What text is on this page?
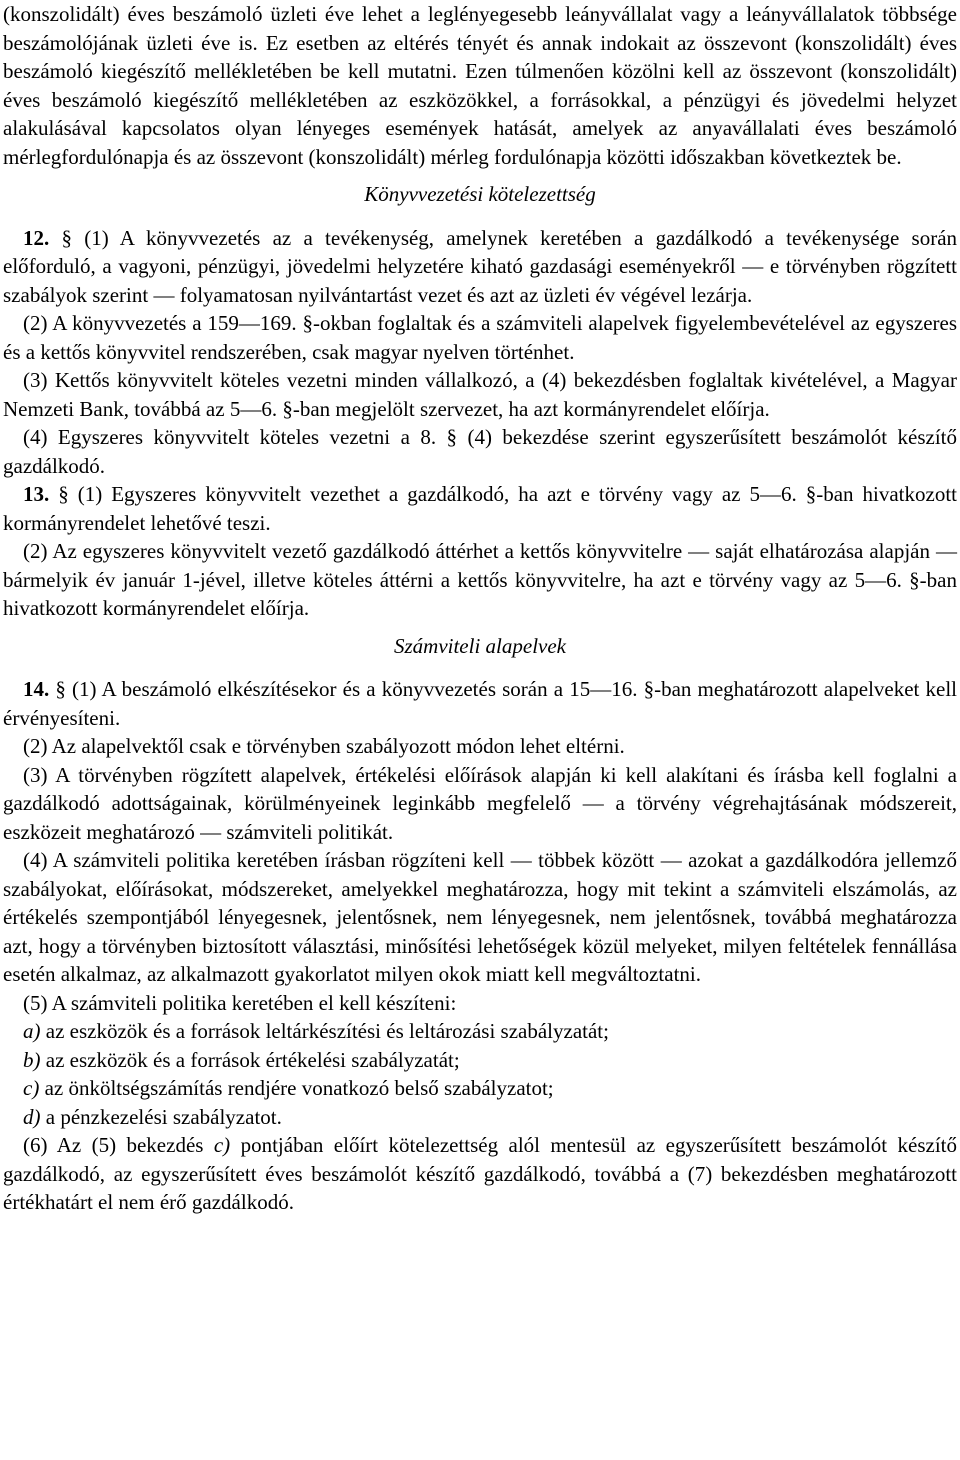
(konszolidált) éves beszámoló üzleti éve lehet a leglényegesebb leányvállalat vagy a leányvállalatok többsége beszámolójának üzleti éve is. Ez esetben az eltérés tényét és annak indokait az összevont (konszolidált) éves beszámoló kiegészítő mellékletében be kell mutatni. Ezen túlmenően közölni kell az összevont (konszolidált) éves beszámoló kiegészítő mellékletében az eszközökkel, a forrásokkal, a pénzügyi és jövedelmi helyzet alakulásával kapcsolatos olyan lényeges események hatását, amelyek az anyavállalati éves beszámoló mérlegfordulónapja és az összevont (konszolidált) mérleg fordulónapja közötti időszakban következtek be.

Könyvvezetési kötelezettség

12. § (1) A könyvvezetés az a tevékenység, amelynek keretében a gazdálkodó a tevékenysége során előforduló, a vagyoni, pénzügyi, jövedelmi helyzetére kiható gazdasági eseményekről — e törvényben rögzített szabályok szerint — folyamatosan nyilvántartást vezet és azt az üzleti év végével lezárja.

(2) A könyvvezetés a 159—169. §-okban foglaltak és a számviteli alapelvek figyelembevételével az egyszeres és a kettős könyvvitel rendszerében, csak magyar nyelven történhet.

(3) Kettős könyvvitelt köteles vezetni minden vállalkozó, a (4) bekezdésben foglaltak kivételével, a Magyar Nemzeti Bank, továbbá az 5—6. §-ban megjelölt szervezet, ha azt kormányrendelet előírja.

(4) Egyszeres könyvvitelt köteles vezetni a 8. § (4) bekezdése szerint egyszerűsített beszámolót készítő gazdálkodó.

13. § (1) Egyszeres könyvvitelt vezethet a gazdálkodó, ha azt e törvény vagy az 5—6. §-ban hivatkozott kormányrendelet lehetővé teszi.

(2) Az egyszeres könyvvitelt vezető gazdálkodó áttérhet a kettős könyvvitelre — saját elhatározása alapján — bármelyik év január 1-jével, illetve köteles áttérni a kettős könyvvitelre, ha azt e törvény vagy az 5—6. §-ban hivatkozott kormányrendelet előírja.

Számviteli alapelvek

14. § (1) A beszámoló elkészítésekor és a könyvvezetés során a 15—16. §-ban meghatározott alapelveket kell érvényesíteni.

(2) Az alapelvektől csak e törvényben szabályozott módon lehet eltérni.

(3) A törvényben rögzített alapelvek, értékelési előírások alapján ki kell alakítani és írásba kell foglalni a gazdálkodó adottságainak, körülményeinek leginkább megfelelő — a törvény végrehajtásának módszereit, eszközeit meghatározó — számviteli politikát.

(4) A számviteli politika keretében írásban rögzíteni kell — többek között — azokat a gazdálkodóra jellemző szabályokat, előírásokat, módszereket, amelyekkel meghatározza, hogy mit tekint a számviteli elszámolás, az értékelés szempontjából lényegesnek, jelentősnek, nem lényegesnek, nem jelentősnek, továbbá meghatározza azt, hogy a törvényben biztosított választási, minősítési lehetőségek közül melyeket, milyen feltételek fennállása esetén alkalmaz, az alkalmazott gyakorlatot milyen okok miatt kell megváltoztatni.

(5) A számviteli politika keretében el kell készíteni:

a) az eszközök és a források leltárkészítési és leltározási szabályzatát;

b) az eszközök és a források értékelési szabályzatát;

c) az önköltségszámítás rendjére vonatkozó belső szabályzatot;

d) a pénzkezelési szabályzatot.

(6) Az (5) bekezdés c) pontjában előírt kötelezettség alól mentesül az egyszerűsített beszámolót készítő gazdálkodó, az egyszerűsített éves beszámolót készítő gazdálkodó, továbbá a (7) bekezdésben meghatározott értékhatárt el nem érő gazdálkodó.
